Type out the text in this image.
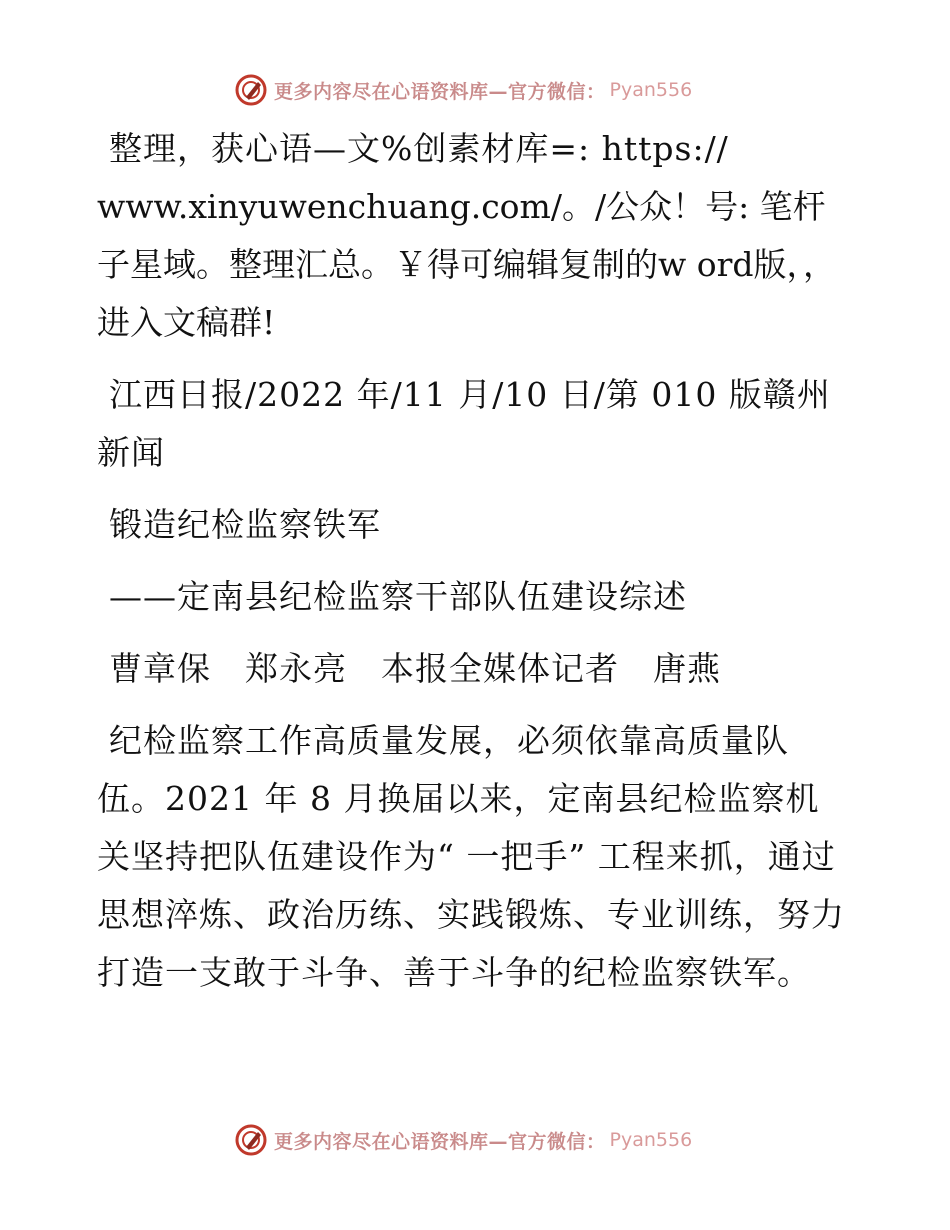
更多内容尽在心语资料库—官方微信： Pyan556

整理，获心语—文%创素材库=: https://
www.xinyuwenchuang.com/。/公众！号: 笔杆子星域。整理汇总。￥得可编辑复制的w ord版，，进入文稿群!

江西日报/2022 年/11 月/10 日/第 010 版赣州新闻

锻造纪检监察铁军

——定南县纪检监察干部队伍建设综述

曹章保　郑永亮　本报全媒体记者　唐燕

纪检监察工作高质量发展，必须依靠高质量队伍。2021 年 8 月换届以来，定南县纪检监察机关坚持把队伍建设作为“ 一把手” 工程来抓，通过思想淬炼、政治历练、实践锻炼、专业训练，努力打造一支敢于斗争、善于斗争的纪检监察铁军。

更多内容尽在心语资料库—官方微信： Pyan556
